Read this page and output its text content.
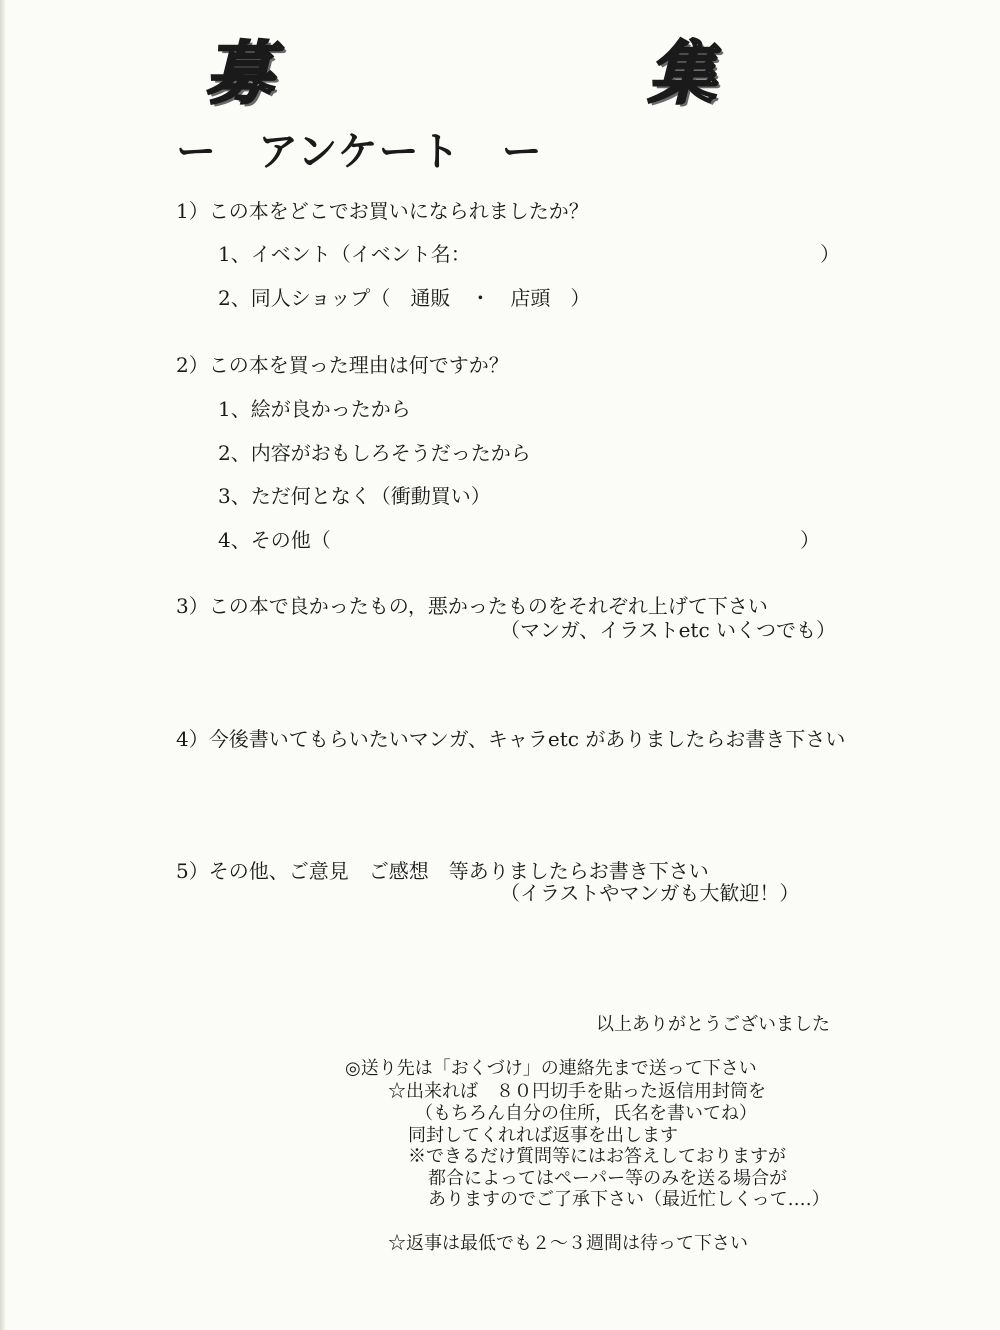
募	集
ー　アンケート　ー
1）この本をどこでお買いになられましたか？
1、イベント（イベント名：	）
2、同人ショップ（　通販　・　店頭　）
2）この本を買った理由は何ですか？
1、絵が良かったから
2、内容がおもしろそうだったから
3、ただ何となく（衝動買い）
4、その他（	）
3）この本で良かったもの，悪かったものをそれぞれ上げて下さい
（マンガ、イラストetc いくつでも）
4）今後書いてもらいたいマンガ、キャラetc がありましたらお書き下さい
5）その他、ご意見　ご感想　等ありましたらお書き下さい
（イラストやマンガも大歓迎！）
以上ありがとうございました
◎送り先は「おくづけ」の連絡先まで送って下さい
☆出来れば　８０円切手を貼った返信用封筒を
（もちろん自分の住所，氏名を書いてね）
同封してくれれば返事を出します
※できるだけ質問等にはお答えしておりますが
都合によってはペーパー等のみを送る場合が
ありますのでご了承下さい（最近忙しくって‥‥）
☆返事は最低でも２～３週間は待って下さい
